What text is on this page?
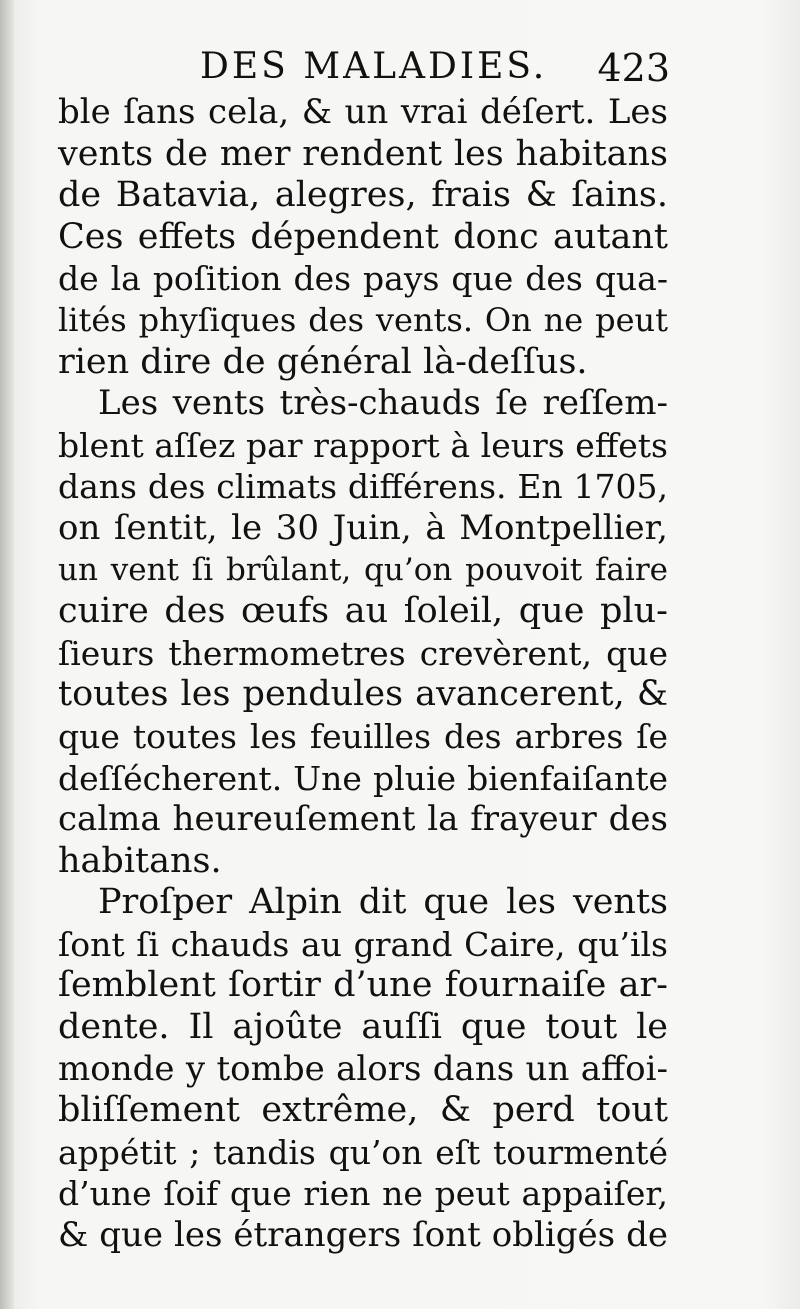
DES MALADIES. 423
ble ſans cela, & un vrai déſert. Les
vents de mer rendent les habitans
de Batavia, alegres, frais & ſains.
Ces effets dépendent donc autant
de la poſition des pays que des qua-
lités phyſiques des vents. On ne peut
rien dire de général là-deſſus.
Les vents très-chauds ſe reſſem-
blent aſſez par rapport à leurs effets
dans des climats différens. En 1705,
on ſentit, le 30 Juin, à Montpellier,
un vent ſi brûlant, qu’on pouvoit faire
cuire des œufs au ſoleil, que plu-
ſieurs thermometres crevèrent, que
toutes les pendules avancerent, &
que toutes les feuilles des arbres ſe
deſſécherent. Une pluie bienfaiſante
calma heureuſement la frayeur des
habitans.
Proſper Alpin dit que les vents
ſont ſi chauds au grand Caire, qu’ils
ſemblent ſortir d’une fournaiſe ar-
dente. Il ajoûte auſſi que tout le
monde y tombe alors dans un affoi-
bliſſement extrême, & perd tout
appétit ; tandis qu’on eſt tourmenté
d’une ſoif que rien ne peut appaiſer,
& que les étrangers ſont obligés de
